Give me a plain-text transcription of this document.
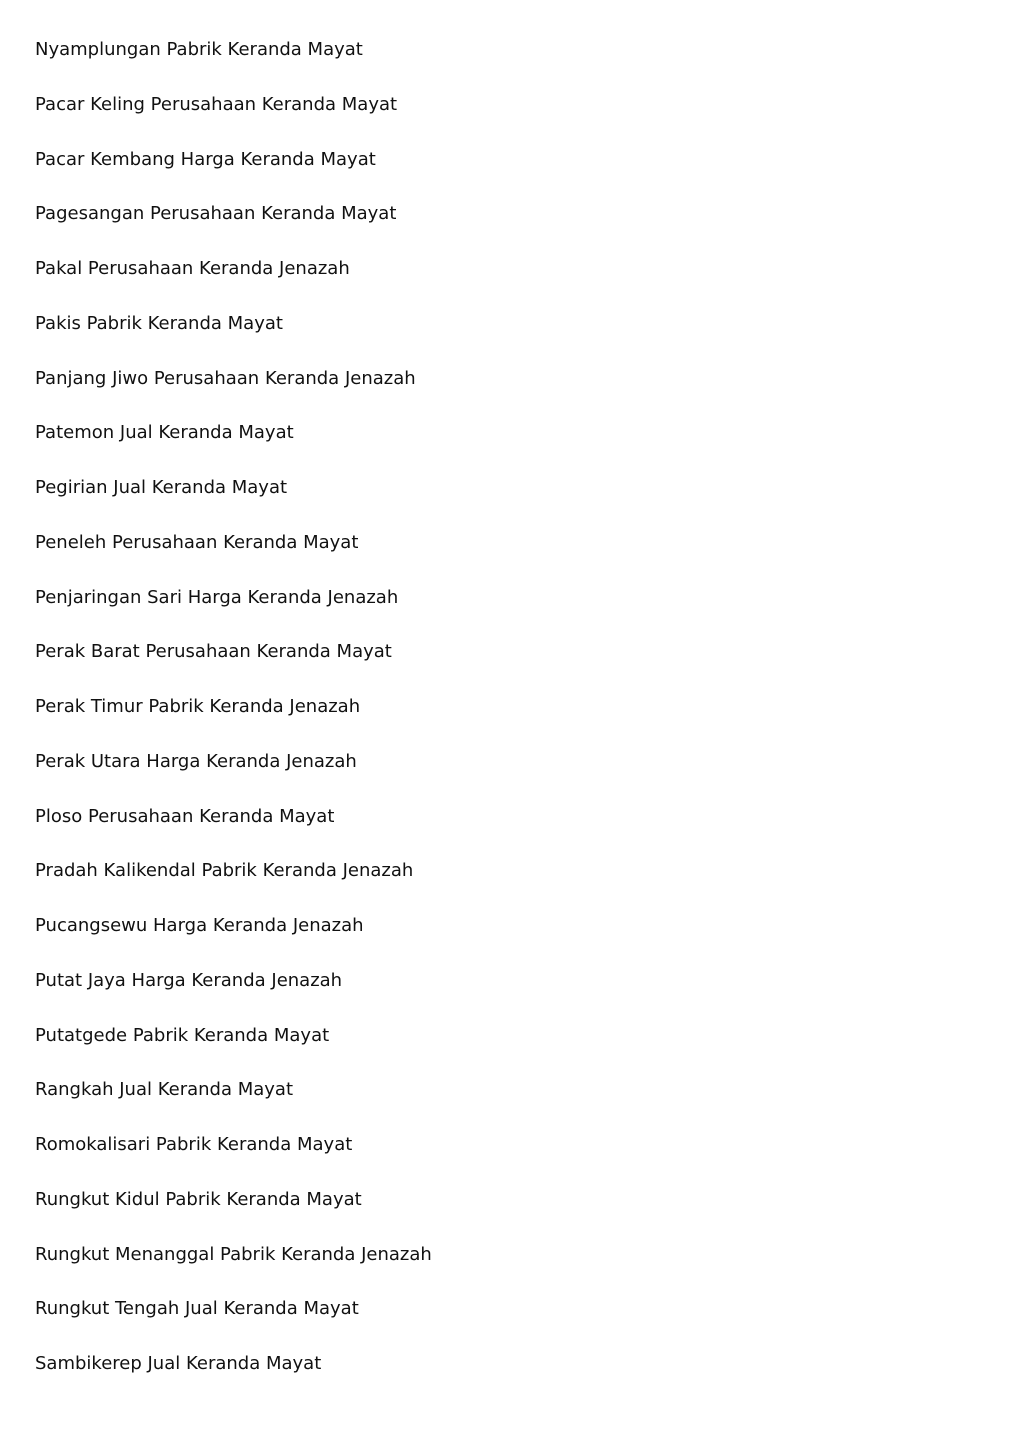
Nyamplungan Pabrik Keranda Mayat
Pacar Keling Perusahaan Keranda Mayat
Pacar Kembang Harga Keranda Mayat
Pagesangan Perusahaan Keranda Mayat
Pakal Perusahaan Keranda Jenazah
Pakis Pabrik Keranda Mayat
Panjang Jiwo Perusahaan Keranda Jenazah
Patemon Jual Keranda Mayat
Pegirian Jual Keranda Mayat
Peneleh Perusahaan Keranda Mayat
Penjaringan Sari Harga Keranda Jenazah
Perak Barat Perusahaan Keranda Mayat
Perak Timur Pabrik Keranda Jenazah
Perak Utara Harga Keranda Jenazah
Ploso Perusahaan Keranda Mayat
Pradah Kalikendal Pabrik Keranda Jenazah
Pucangsewu Harga Keranda Jenazah
Putat Jaya Harga Keranda Jenazah
Putatgede Pabrik Keranda Mayat
Rangkah Jual Keranda Mayat
Romokalisari Pabrik Keranda Mayat
Rungkut Kidul Pabrik Keranda Mayat
Rungkut Menanggal Pabrik Keranda Jenazah
Rungkut Tengah Jual Keranda Mayat
Sambikerep Jual Keranda Mayat
